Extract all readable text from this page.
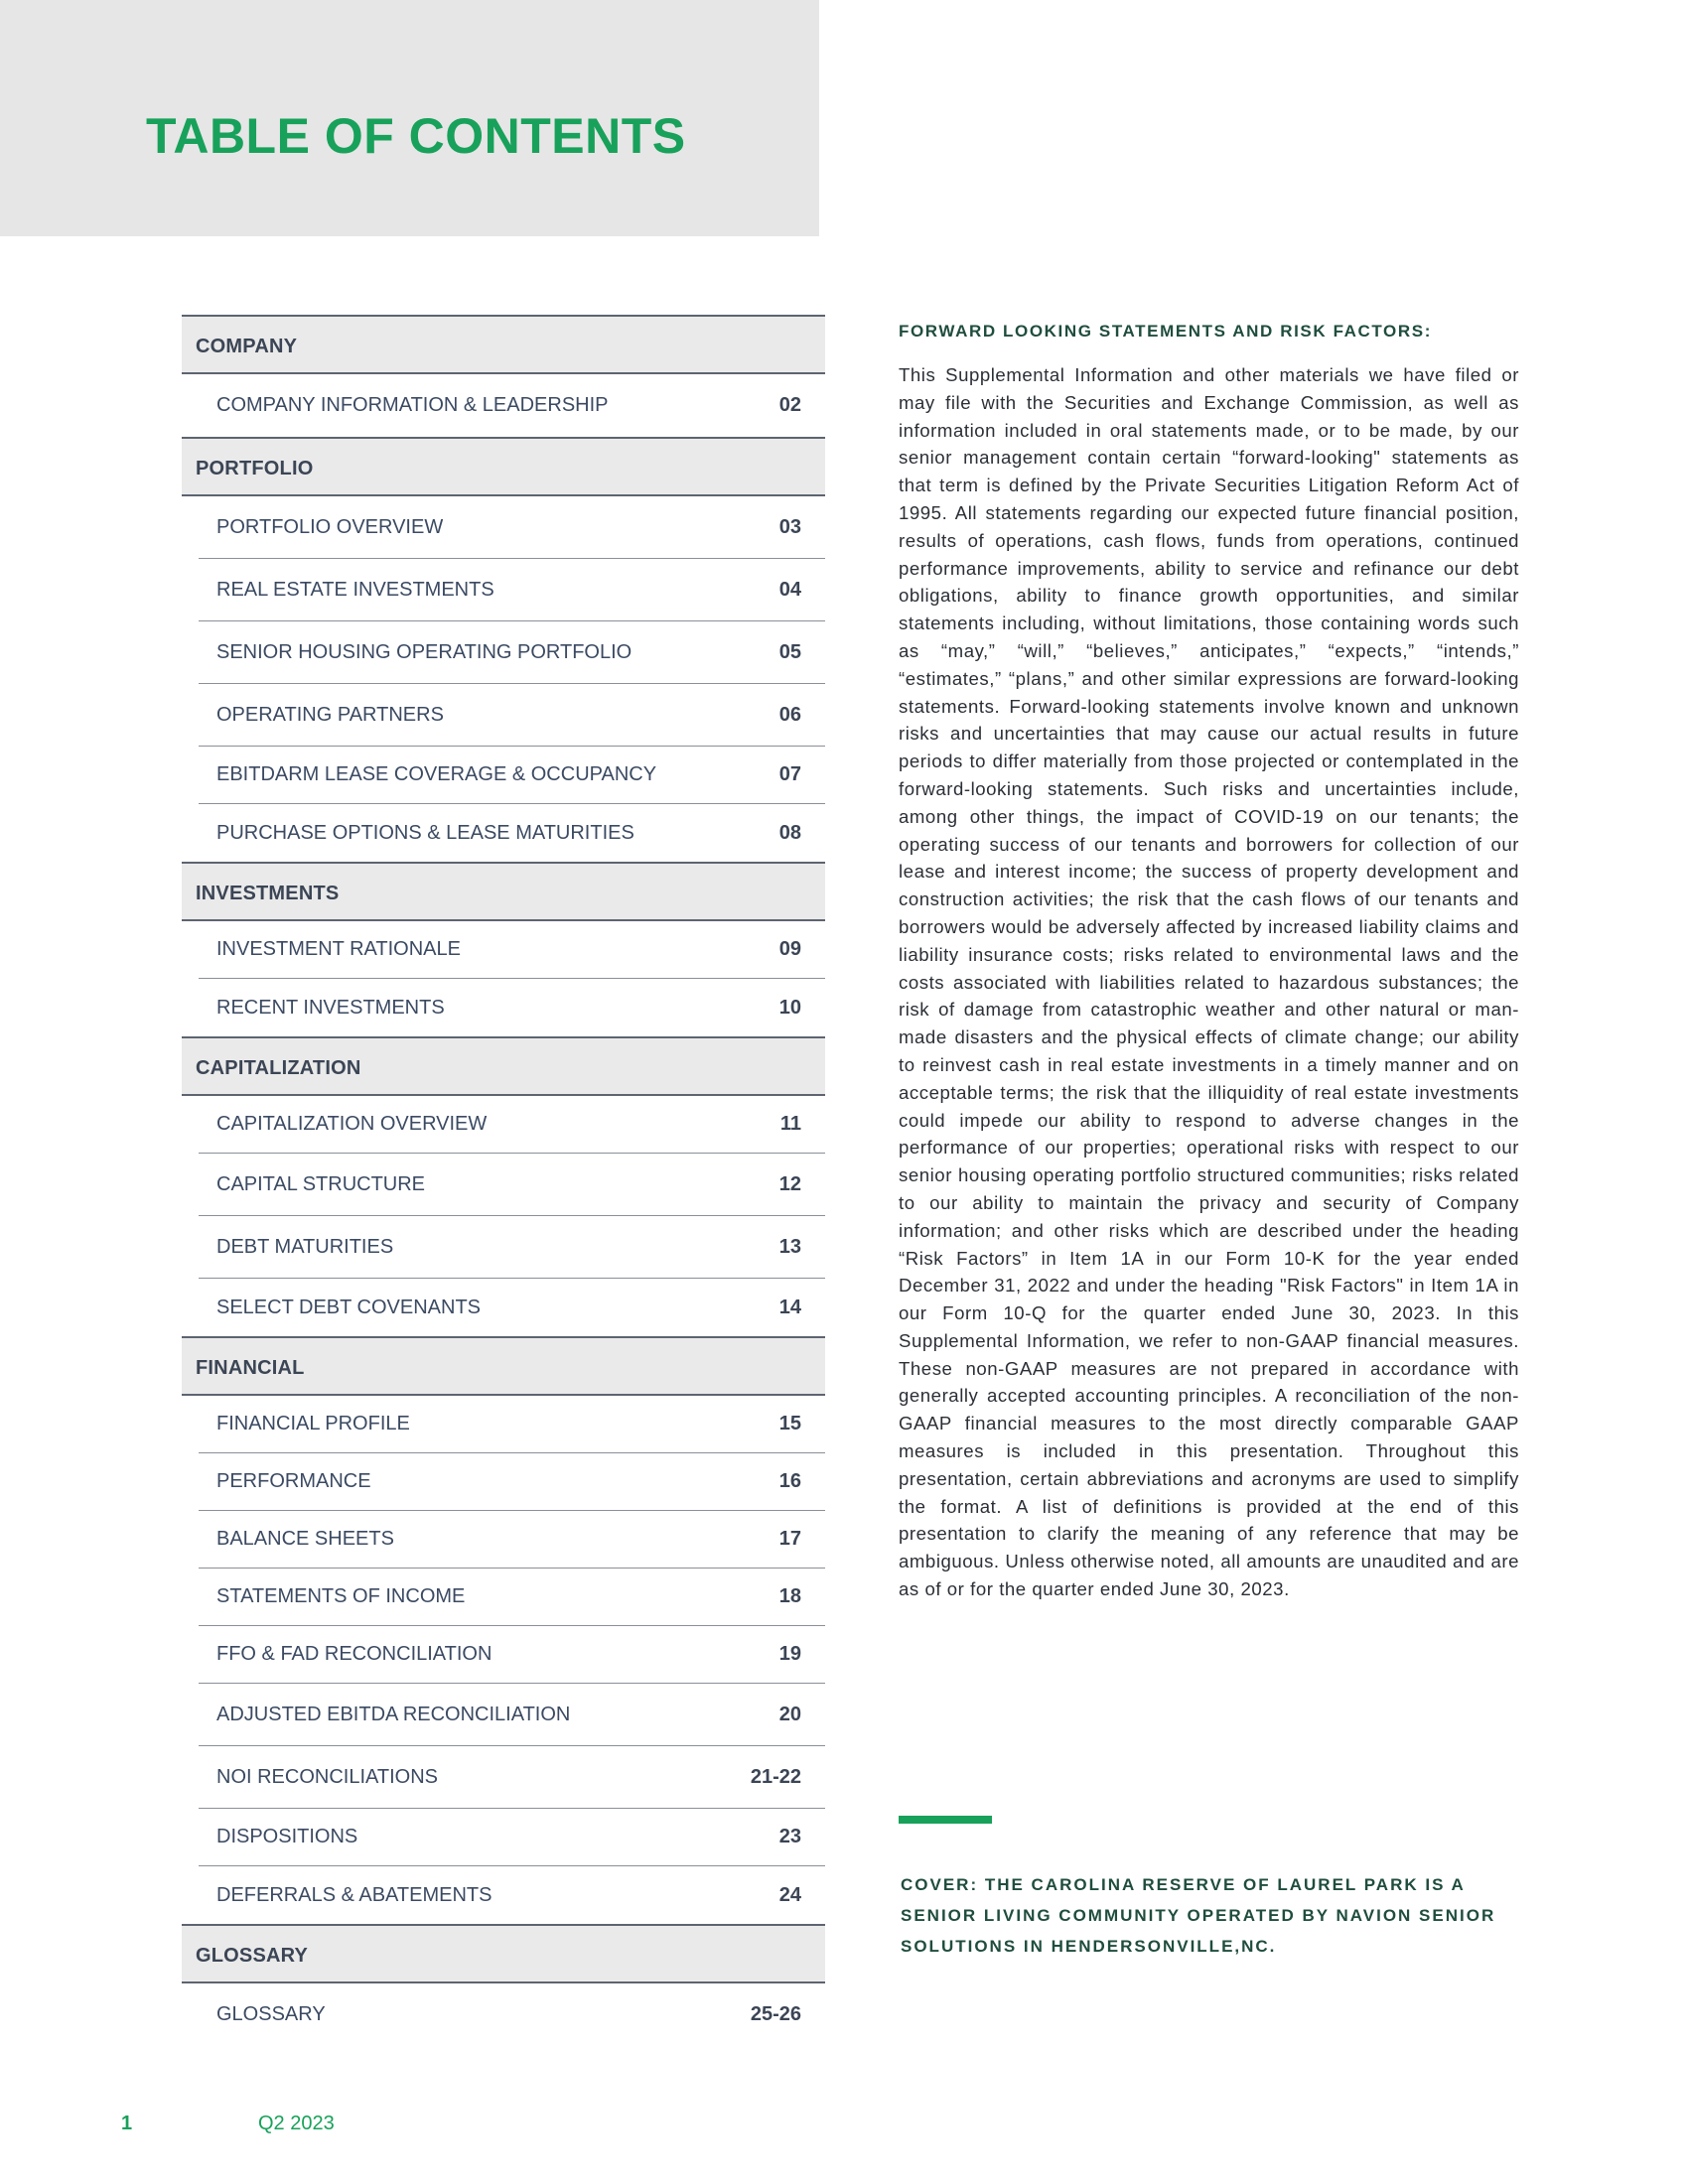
TABLE OF CONTENTS
COMPANY
COMPANY INFORMATION & LEADERSHIP	02
PORTFOLIO
PORTFOLIO OVERVIEW	03
REAL ESTATE INVESTMENTS	04
SENIOR HOUSING OPERATING PORTFOLIO	05
OPERATING PARTNERS	06
EBITDARM LEASE COVERAGE & OCCUPANCY	07
PURCHASE OPTIONS & LEASE MATURITIES	08
INVESTMENTS
INVESTMENT RATIONALE	09
RECENT INVESTMENTS	10
CAPITALIZATION
CAPITALIZATION OVERVIEW	11
CAPITAL STRUCTURE	12
DEBT MATURITIES	13
SELECT DEBT COVENANTS	14
FINANCIAL
FINANCIAL PROFILE	15
PERFORMANCE	16
BALANCE SHEETS	17
STATEMENTS OF INCOME	18
FFO & FAD RECONCILIATION	19
ADJUSTED EBITDA RECONCILIATION	20
NOI RECONCILIATIONS	21-22
DISPOSITIONS	23
DEFERRALS & ABATEMENTS	24
GLOSSARY
GLOSSARY	25-26
FORWARD LOOKING STATEMENTS AND RISK FACTORS:

This Supplemental Information and other materials we have filed or may file with the Securities and Exchange Commission, as well as information included in oral statements made, or to be made, by our senior management contain certain “forward-looking" statements as that term is defined by the Private Securities Litigation Reform Act of 1995. All statements regarding our expected future financial position, results of operations, cash flows, funds from operations, continued performance improvements, ability to service and refinance our debt obligations, ability to finance growth opportunities, and similar statements including, without limitations, those containing words such as “may,” “will,” “believes,” anticipates,” “expects,” “intends,” “estimates,” “plans,” and other similar expressions are forward-looking statements. Forward-looking statements involve known and unknown risks and uncertainties that may cause our actual results in future periods to differ materially from those projected or contemplated in the forward-looking statements. Such risks and uncertainties include, among other things, the impact of COVID-19 on our tenants; the operating success of our tenants and borrowers for collection of our lease and interest income; the success of property development and construction activities; the risk that the cash flows of our tenants and borrowers would be adversely affected by increased liability claims and liability insurance costs; risks related to environmental laws and the costs associated with liabilities related to hazardous substances; the risk of damage from catastrophic weather and other natural or man-made disasters and the physical effects of climate change; our ability to reinvest cash in real estate investments in a timely manner and on acceptable terms; the risk that the illiquidity of real estate investments could impede our ability to respond to adverse changes in the performance of our properties; operational risks with respect to our senior housing operating portfolio structured communities; risks related to our ability to maintain the privacy and security of Company information; and other risks which are described under the heading “Risk Factors” in Item 1A in our Form 10-K for the year ended December 31, 2022 and under the heading "Risk Factors" in Item 1A in our Form 10-Q for the quarter ended June 30, 2023. In this Supplemental Information, we refer to non-GAAP financial measures. These non-GAAP measures are not prepared in accordance with generally accepted accounting principles. A reconciliation of the non-GAAP financial measures to the most directly comparable GAAP measures is included in this presentation. Throughout this presentation, certain abbreviations and acronyms are used to simplify the format. A list of definitions is provided at the end of this presentation to clarify the meaning of any reference that may be ambiguous. Unless otherwise noted, all amounts are unaudited and are as of or for the quarter ended June 30, 2023.

COVER: THE CAROLINA RESERVE OF LAUREL PARK IS A SENIOR LIVING COMMUNITY OPERATED BY NAVION SENIOR SOLUTIONS IN HENDERSONVILLE,NC.

1	Q2 2023
